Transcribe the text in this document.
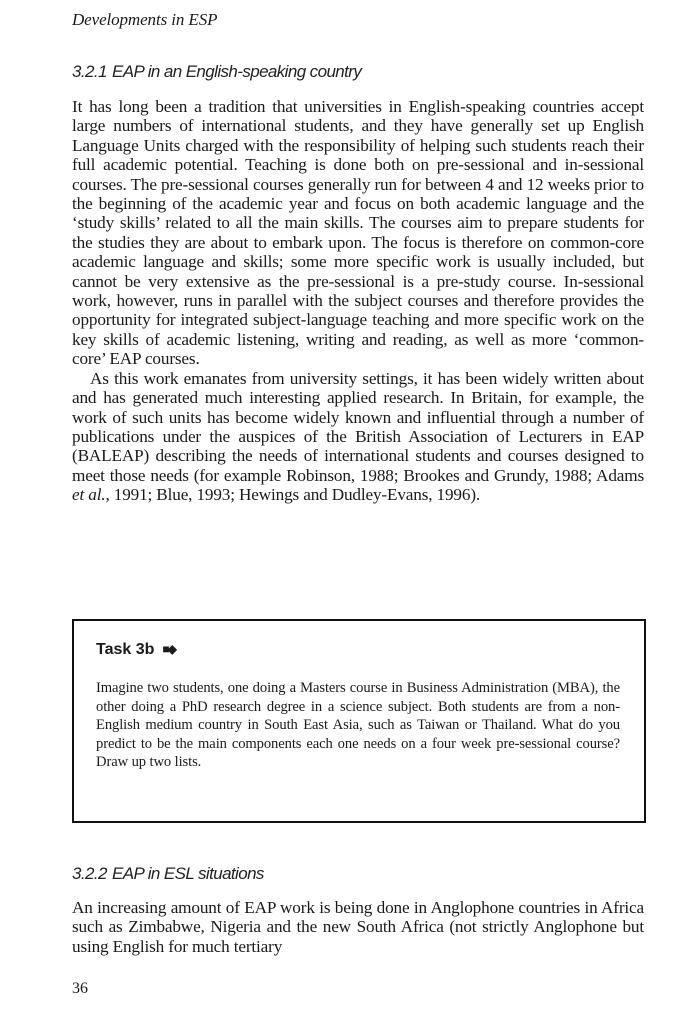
Developments in ESP
3.2.1 EAP in an English-speaking country

It has long been a tradition that universities in English-speaking countries accept large numbers of international students, and they have generally set up English Language Units charged with the responsibility of helping such students reach their full academic potential. Teaching is done both on pre-sessional and in-sessional courses. The pre-sessional courses generally run for between 4 and 12 weeks prior to the beginning of the academic year and focus on both academic language and the ‘study skills’ related to all the main skills. The courses aim to prepare students for the studies they are about to embark upon. The focus is therefore on common-core academic language and skills; some more specific work is usually included, but cannot be very extensive as the pre-sessional is a pre-study course. In-sessional work, however, runs in parallel with the subject courses and therefore provides the opportunity for integrated subject-language teaching and more specific work on the key skills of academic listening, writing and reading, as well as more ‘common-core’ EAP courses.

As this work emanates from university settings, it has been widely written about and has generated much interesting applied research. In Britain, for example, the work of such units has become widely known and influential through a number of publications under the auspices of the British Association of Lecturers in EAP (BALEAP) describing the needs of international students and courses designed to meet those needs (for example Robinson, 1988; Brookes and Grundy, 1988; Adams et al., 1991; Blue, 1993; Hewings and Dudley-Evans, 1996).

Task 3b ■◆
Imagine two students, one doing a Masters course in Business Administration (MBA), the other doing a PhD research degree in a science subject. Both students are from a non-English medium country in South East Asia, such as Taiwan or Thailand. What do you predict to be the main components each one needs on a four week pre-sessional course? Draw up two lists.
3.2.2 EAP in ESL situations

An increasing amount of EAP work is being done in Anglophone countries in Africa such as Zimbabwe, Nigeria and the new South Africa (not strictly Anglophone but using English for much tertiary

36
